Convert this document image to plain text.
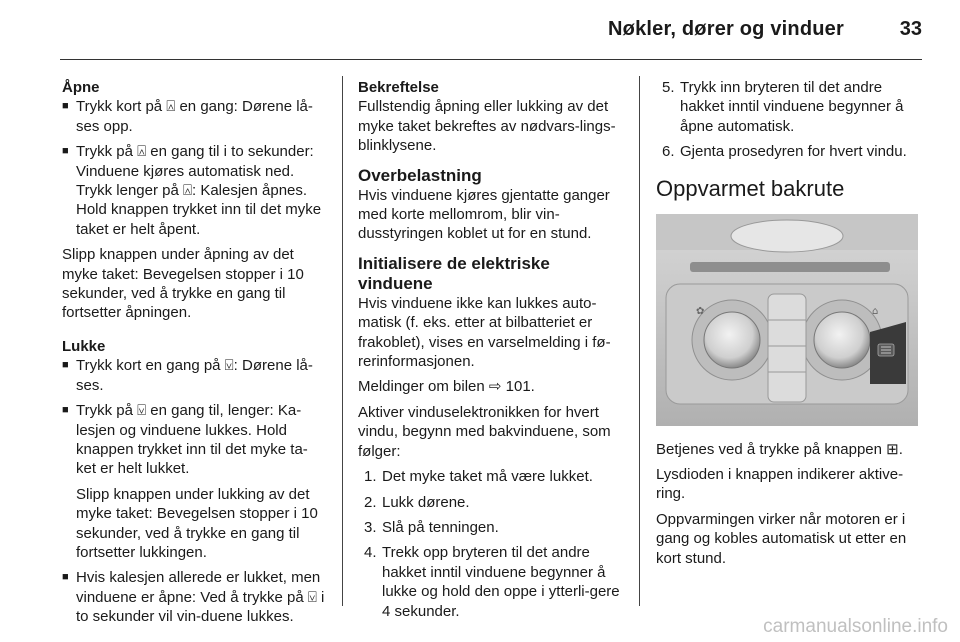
Nøkler, dører og vinduer	33
Åpne
■ Trykk kort på ⍓ en gang: Dørene lå-ses opp.
■ Trykk på ⍓ en gang til i to sekunder: Vinduene kjøres automatisk ned. Trykk lenger på ⍓: Kalesjen åpnes. Hold knappen trykket inn til det myke taket er helt åpent.

Slipp knappen under åpning av det myke taket: Bevegelsen stopper i 10 sekunder, ved å trykke en gang til fortsetter åpningen.

Lukke
■ Trykk kort en gang på ⍌: Dørene lå-ses.
■ Trykk på ⍌ en gang til, lenger: Ka-lesjen og vinduene lukkes. Hold knappen trykket inn til det myke ta-ket er helt lukket.
Slipp knappen under lukking av det myke taket: Bevegelsen stopper i 10 sekunder, ved å trykke en gang til fortsetter lukkingen.
■ Hvis kalesjen allerede er lukket, men vinduene er åpne: Ved å trykke på ⍌ i to sekunder vil vin-duene lukkes.
Bekreftelse

Fullstendig åpning eller lukking av det myke taket bekreftes av nødvars-lings-blinklysene.

Overbelastning

Hvis vinduene kjøres gjentatte ganger med korte mellomrom, blir vin-dusstyringen koblet ut for en stund.

Initialisere de elektriske vinduene

Hvis vinduene ikke kan lukkes auto-matisk (f. eks. etter at bilbatteriet er frakoblet), vises en varselmelding i fø-rerinformasjonen.

Meldinger om bilen ⇨ 101.

Aktiver vinduselektronikken for hvert vindu, begynn med bakvinduene, som følger:

1. Det myke taket må være lukket.
2. Lukk dørene.
3. Slå på tenningen.
4. Trekk opp bryteren til det andre hakket inntil vinduene begynner å lukke og hold den oppe i ytterli-gere 4 sekunder.
5. Trykk inn bryteren til det andre hakket inntil vinduene begynner å åpne automatisk.
6. Gjenta prosedyren for hvert vindu.
Oppvarmet bakrute
✿	⌂

Betjenes ved å trykke på knappen ⊞.

Lysdioden i knappen indikerer aktive-ring.

Oppvarmingen virker når motoren er i gang og kobles automatisk ut etter en kort stund.

carmanualsonline.info
